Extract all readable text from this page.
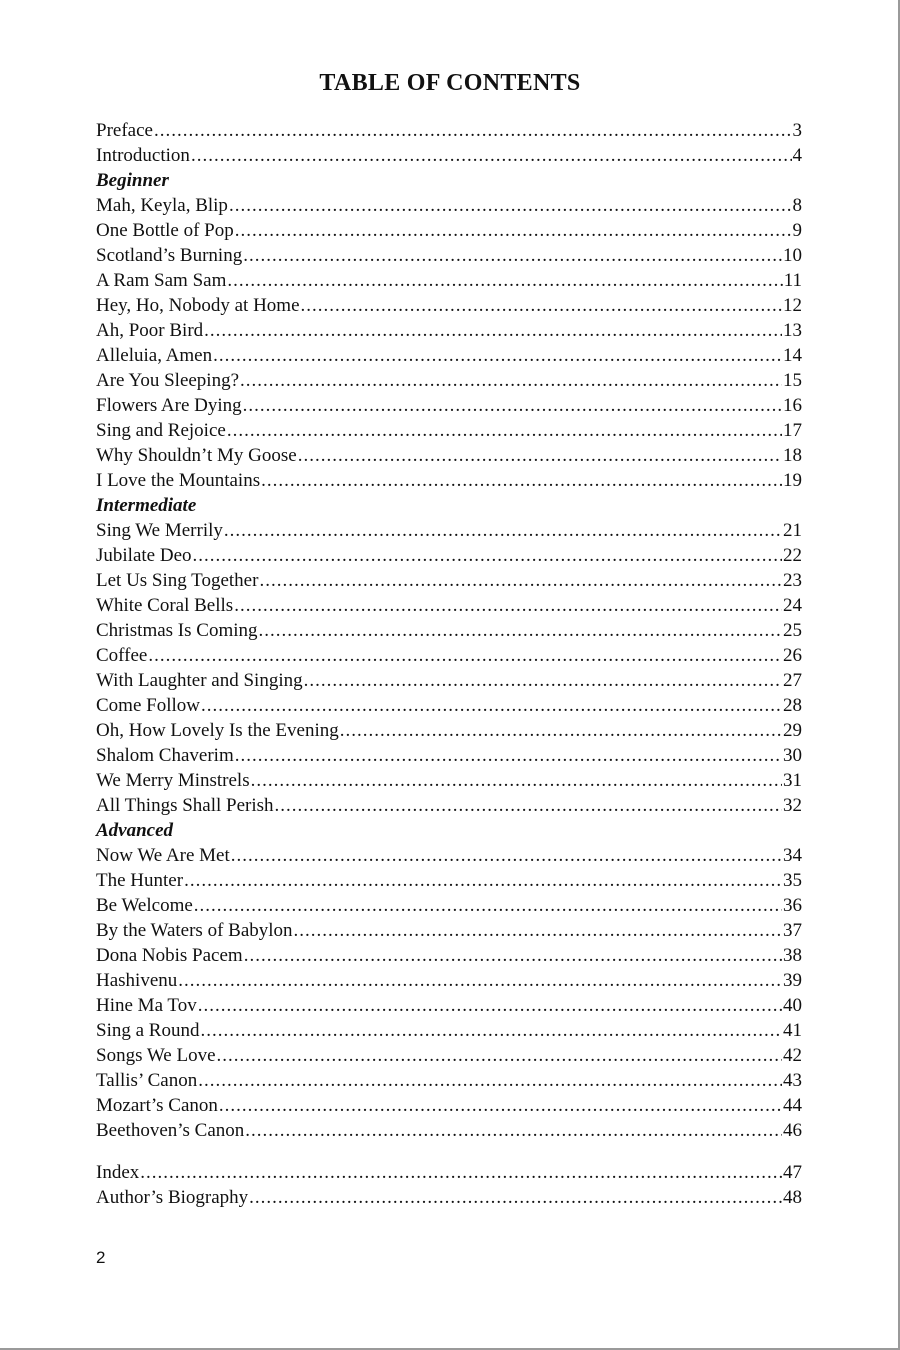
TABLE OF CONTENTS
Preface .....	3
Introduction .....	4
Beginner
Mah, Keyla, Blip .....	8
One Bottle of Pop .....	9
Scotland’s Burning .....	10
A Ram Sam Sam .....	11
Hey, Ho, Nobody at Home .....	12
Ah, Poor Bird .....	13
Alleluia, Amen .....	14
Are You Sleeping? .....	15
Flowers Are Dying .....	16
Sing and Rejoice .....	17
Why Shouldn’t My Goose .....	18
I Love the Mountains .....	19
Intermediate
Sing We Merrily .....	21
Jubilate Deo .....	22
Let Us Sing Together .....	23
White Coral Bells .....	24
Christmas Is Coming .....	25
Coffee .....	26
With Laughter and Singing .....	27
Come Follow .....	28
Oh, How Lovely Is the Evening .....	29
Shalom Chaverim .....	30
We Merry Minstrels .....	31
All Things Shall Perish .....	32
Advanced
Now We Are Met .....	34
The Hunter .....	35
Be Welcome .....	36
By the Waters of Babylon .....	37
Dona Nobis Pacem .....	38
Hashivenu .....	39
Hine Ma Tov .....	40
Sing a Round .....	41
Songs We Love .....	42
Tallis’ Canon .....	43
Mozart’s Canon .....	44
Beethoven’s Canon .....	46
Index .....	47
Author’s Biography .....	48
2
